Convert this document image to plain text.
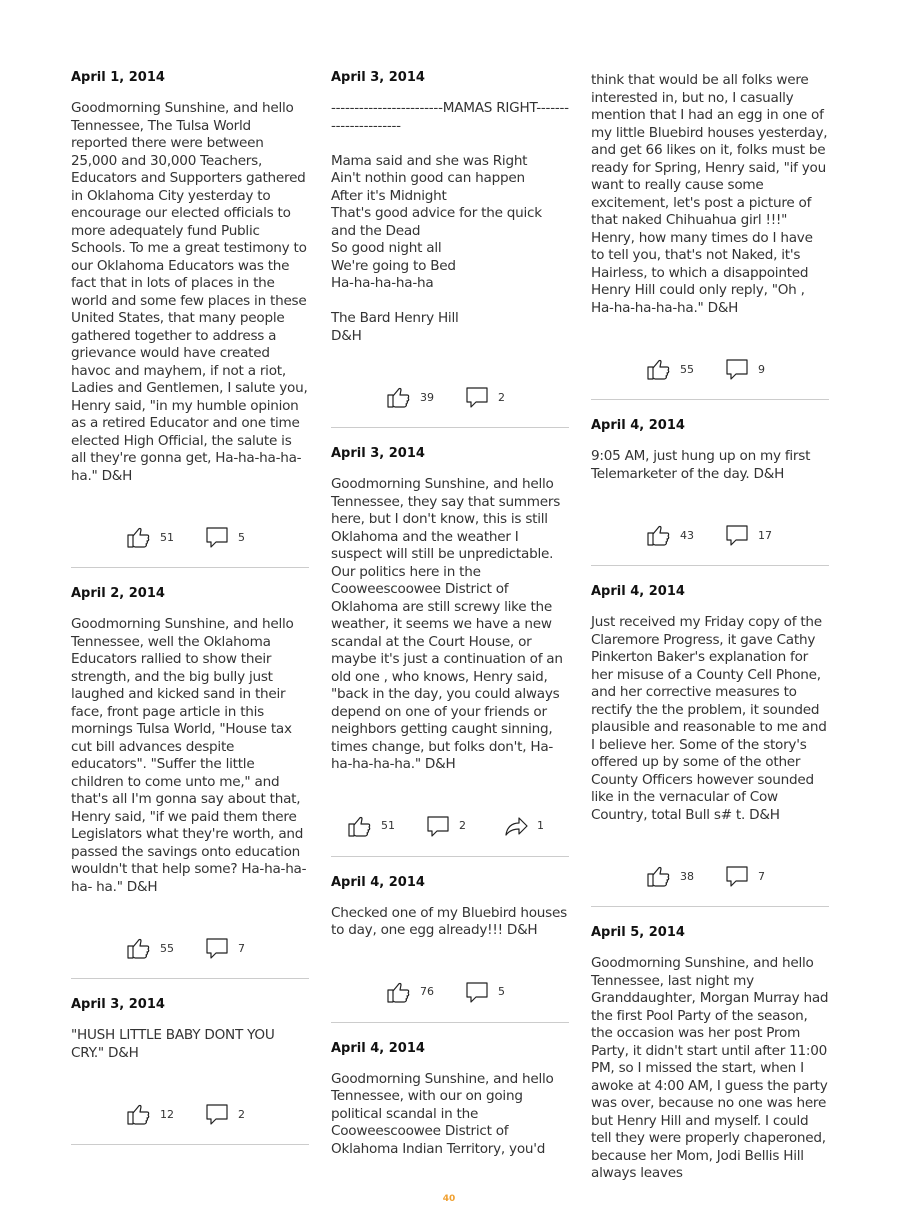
April 1, 2014
Goodmorning Sunshine, and hello Tennessee, The Tulsa World reported there were between 25,000 and 30,000 Teachers, Educators and Supporters gathered in Oklahoma City yesterday to encourage our elected officials to more adequately fund Public Schools. To me a great testimony to our Oklahoma Educators was the fact that in lots of places in the world and some few places in these United States, that many people gathered together to address a grievance would have created havoc and mayhem, if not a riot, Ladies and Gentlemen, I salute you, Henry said, "in my humble opinion as a retired Educator and one time elected High Official, the salute is all they're gonna get, Ha-ha-ha-ha-ha." D&H
51	5
April 2, 2014
Goodmorning Sunshine, and hello Tennessee, well the Oklahoma Educators rallied to show their strength, and the big bully just laughed and kicked sand in their face, front page article in this mornings Tulsa World, "House tax cut bill advances despite educators". "Suffer the little children to come unto me," and that's all I'm gonna say about that, Henry said, "if we paid them there Legislators what they're worth, and passed the savings onto education wouldn't that help some? Ha-ha-ha- ha- ha." D&H
55	7
April 3, 2014
"HUSH LITTLE BABY DONT YOU CRY." D&H
12	2
April 3, 2014
------------------------MAMAS RIGHT----------------------

Mama said and she was Right
Ain't nothin good can happen
After it's Midnight
That's good advice for the quick and the Dead
So good night all
We're going to Bed
Ha-ha-ha-ha-ha

The Bard Henry Hill
D&H
39	2
April 3, 2014
Goodmorning Sunshine, and hello Tennessee, they say that summers here, but I don't know, this is still Oklahoma and the weather I suspect will still be unpredictable. Our politics here in the Cooweescoowee District of Oklahoma are still screwy like the weather, it seems we have a new scandal at the Court House, or maybe it's just a continuation of an old one , who knows, Henry said, "back in the day, you could always depend on one of your friends or neighbors getting caught sinning, times change, but folks don't, Ha-ha-ha-ha-ha." D&H
51	2	1
April 4, 2014
Checked one of my Bluebird houses to day, one egg already!!! D&H
76	5
April 4, 2014
Goodmorning Sunshine, and hello Tennessee, with our on going political scandal in the Cooweescoowee District of Oklahoma Indian Territory, you'd
think that would be all folks were interested in, but no, I casually mention that I had an egg in one of my little Bluebird houses yesterday, and get 66 likes on it, folks must be ready for Spring, Henry said, "if you want to really cause some excitement, let's post a picture of that naked Chihuahua girl !!!" Henry, how many times do I have to tell you, that's not Naked, it's Hairless, to which a disappointed Henry Hill could only reply, "Oh , Ha-ha-ha-ha-ha." D&H
55	9
April 4, 2014
9:05 AM, just hung up on my first Telemarketer of the day. D&H
43	17
April 4, 2014
Just received my Friday copy of the Claremore Progress, it gave Cathy Pinkerton Baker's explanation for her misuse of a County Cell Phone, and her corrective measures to rectify the the problem, it sounded plausible and reasonable to me and I believe her. Some of the story's offered up by some of the other County Officers however sounded like in the vernacular of Cow Country, total Bull s# t. D&H
38	7
April 5, 2014
Goodmorning Sunshine, and hello Tennessee, last night my Granddaughter, Morgan Murray had the first Pool Party of the season, the occasion was her post Prom Party, it didn't start until after 11:00 PM, so I missed the start, when I awoke at 4:00 AM, I guess the party was over, because no one was here but Henry Hill and myself. I could tell they were properly chaperoned, because her Mom, Jodi Bellis Hill always leaves
40
